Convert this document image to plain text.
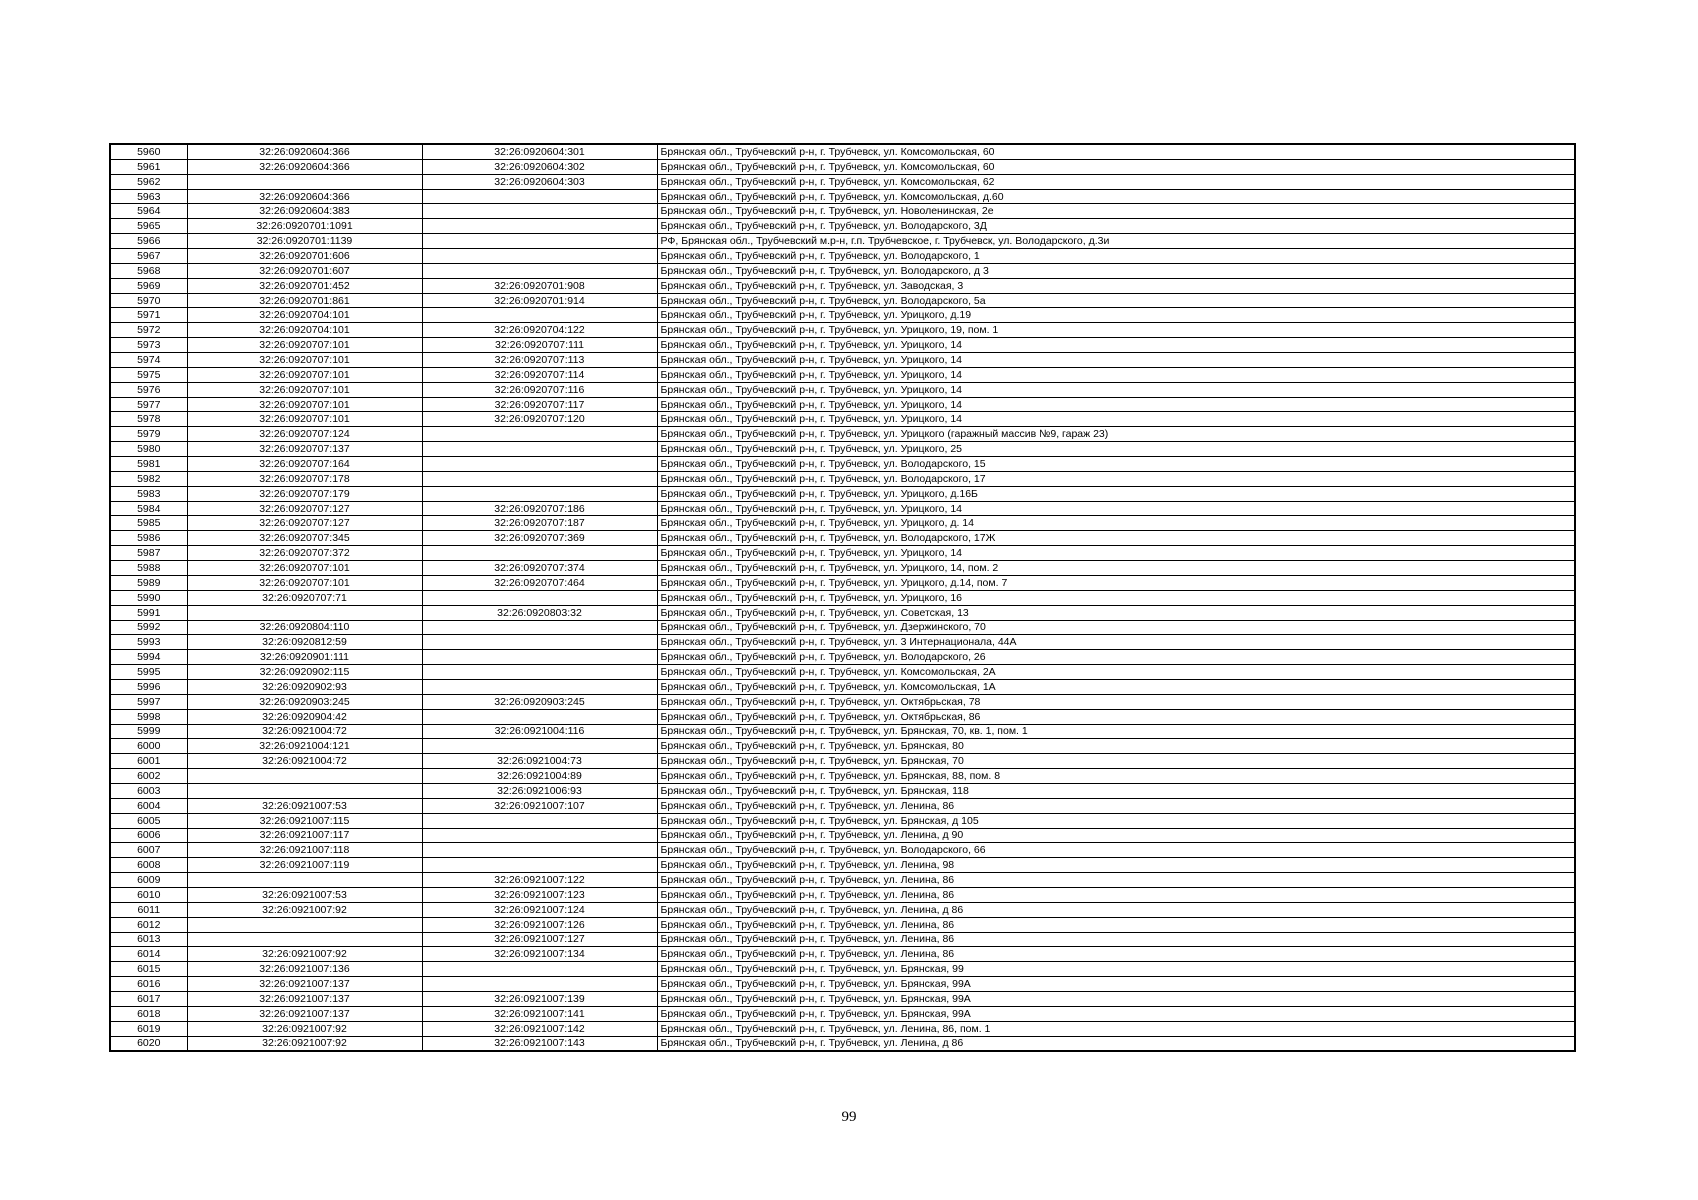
5960	32:26:0920604:366	32:26:0920604:301	Брянская обл., Трубчевский р-н, г. Трубчевск, ул. Комсомольская, 60
5961	32:26:0920604:366	32:26:0920604:302	Брянская обл., Трубчевский р-н, г. Трубчевск, ул. Комсомольская, 60
5962		32:26:0920604:303	Брянская обл., Трубчевский р-н, г. Трубчевск, ул. Комсомольская, 62
5963	32:26:0920604:366		Брянская обл., Трубчевский р-н, г. Трубчевск, ул. Комсомольская, д.60
5964	32:26:0920604:383		Брянская обл., Трубчевский р-н, г. Трубчевск, ул. Новоленинская, 2е
5965	32:26:0920701:1091		Брянская обл., Трубчевский р-н, г. Трубчевск, ул. Володарского, 3Д
5966	32:26:0920701:1139		РФ, Брянская обл., Трубчевский м.р-н, г.п. Трубчевское, г. Трубчевск, ул. Володарского, д.3и
5967	32:26:0920701:606		Брянская обл., Трубчевский р-н, г. Трубчевск, ул. Володарского, 1
5968	32:26:0920701:607		Брянская обл., Трубчевский р-н, г. Трубчевск, ул. Володарского, д 3
5969	32:26:0920701:452	32:26:0920701:908	Брянская обл., Трубчевский р-н, г. Трубчевск, ул. Заводская, 3
5970	32:26:0920701:861	32:26:0920701:914	Брянская обл., Трубчевский р-н, г. Трубчевск, ул. Володарского, 5а
5971	32:26:0920704:101		Брянская обл., Трубчевский р-н, г. Трубчевск, ул. Урицкого, д.19
5972	32:26:0920704:101	32:26:0920704:122	Брянская обл., Трубчевский р-н, г. Трубчевск, ул. Урицкого, 19, пом. 1
5973	32:26:0920707:101	32:26:0920707:111	Брянская обл., Трубчевский р-н, г. Трубчевск, ул. Урицкого, 14
5974	32:26:0920707:101	32:26:0920707:113	Брянская обл., Трубчевский р-н, г. Трубчевск, ул. Урицкого, 14
5975	32:26:0920707:101	32:26:0920707:114	Брянская обл., Трубчевский р-н, г. Трубчевск, ул. Урицкого, 14
5976	32:26:0920707:101	32:26:0920707:116	Брянская обл., Трубчевский р-н, г. Трубчевск, ул. Урицкого, 14
5977	32:26:0920707:101	32:26:0920707:117	Брянская обл., Трубчевский р-н, г. Трубчевск, ул. Урицкого, 14
5978	32:26:0920707:101	32:26:0920707:120	Брянская обл., Трубчевский р-н, г. Трубчевск, ул. Урицкого, 14
5979	32:26:0920707:124		Брянская обл., Трубчевский р-н, г. Трубчевск, ул. Урицкого (гаражный массив №9, гараж 23)
5980	32:26:0920707:137		Брянская обл., Трубчевский р-н, г. Трубчевск, ул. Урицкого, 25
5981	32:26:0920707:164		Брянская обл., Трубчевский р-н, г. Трубчевск, ул. Володарского, 15
5982	32:26:0920707:178		Брянская обл., Трубчевский р-н, г. Трубчевск, ул. Володарского, 17
5983	32:26:0920707:179		Брянская обл., Трубчевский р-н, г. Трубчевск, ул. Урицкого, д.16Б
5984	32:26:0920707:127	32:26:0920707:186	Брянская обл., Трубчевский р-н, г. Трубчевск, ул. Урицкого, 14
5985	32:26:0920707:127	32:26:0920707:187	Брянская обл., Трубчевский р-н, г. Трубчевск, ул. Урицкого, д. 14
5986	32:26:0920707:345	32:26:0920707:369	Брянская обл., Трубчевский р-н, г. Трубчевск, ул. Володарского, 17Ж
5987	32:26:0920707:372		Брянская обл., Трубчевский р-н, г. Трубчевск, ул. Урицкого, 14
5988	32:26:0920707:101	32:26:0920707:374	Брянская обл., Трубчевский р-н, г. Трубчевск, ул. Урицкого, 14, пом. 2
5989	32:26:0920707:101	32:26:0920707:464	Брянская обл., Трубчевский р-н, г. Трубчевск, ул. Урицкого, д.14, пом. 7
5990	32:26:0920707:71		Брянская обл., Трубчевский р-н, г. Трубчевск, ул. Урицкого, 16
5991		32:26:0920803:32	Брянская обл., Трубчевский р-н, г. Трубчевск, ул. Советская, 13
5992	32:26:0920804:110		Брянская обл., Трубчевский р-н, г. Трубчевск, ул. Дзержинского, 70
5993	32:26:0920812:59		Брянская обл., Трубчевский р-н, г. Трубчевск, ул. 3 Интернационала, 44А
5994	32:26:0920901:111		Брянская обл., Трубчевский р-н, г. Трубчевск, ул. Володарского, 26
5995	32:26:0920902:115		Брянская обл., Трубчевский р-н, г. Трубчевск, ул. Комсомольская, 2А
5996	32:26:0920902:93		Брянская обл., Трубчевский р-н, г. Трубчевск, ул. Комсомольская, 1А
5997	32:26:0920903:245	32:26:0920903:245	Брянская обл., Трубчевский р-н, г. Трубчевск, ул. Октябрьская, 78
5998	32:26:0920904:42		Брянская обл., Трубчевский р-н, г. Трубчевск, ул. Октябрьская, 86
5999	32:26:0921004:72	32:26:0921004:116	Брянская обл., Трубчевский р-н, г. Трубчевск, ул. Брянская, 70, кв. 1, пом. 1
6000	32:26:0921004:121		Брянская обл., Трубчевский р-н, г. Трубчевск, ул. Брянская, 80
6001	32:26:0921004:72	32:26:0921004:73	Брянская обл., Трубчевский р-н, г. Трубчевск, ул. Брянская, 70
6002		32:26:0921004:89	Брянская обл., Трубчевский р-н, г. Трубчевск, ул. Брянская, 88, пом. 8
6003		32:26:0921006:93	Брянская обл., Трубчевский р-н, г. Трубчевск, ул. Брянская, 118
6004	32:26:0921007:53	32:26:0921007:107	Брянская обл., Трубчевский р-н, г. Трубчевск, ул. Ленина, 86
6005	32:26:0921007:115		Брянская обл., Трубчевский р-н, г. Трубчевск, ул. Брянская, д 105
6006	32:26:0921007:117		Брянская обл., Трубчевский р-н, г. Трубчевск, ул. Ленина, д 90
6007	32:26:0921007:118		Брянская обл., Трубчевский р-н, г. Трубчевск, ул. Володарского, 66
6008	32:26:0921007:119		Брянская обл., Трубчевский р-н, г. Трубчевск, ул. Ленина, 98
6009		32:26:0921007:122	Брянская обл., Трубчевский р-н, г. Трубчевск, ул. Ленина, 86
6010	32:26:0921007:53	32:26:0921007:123	Брянская обл., Трубчевский р-н, г. Трубчевск, ул. Ленина, 86
6011	32:26:0921007:92	32:26:0921007:124	Брянская обл., Трубчевский р-н, г. Трубчевск, ул. Ленина, д 86
6012		32:26:0921007:126	Брянская обл., Трубчевский р-н, г. Трубчевск, ул. Ленина, 86
6013		32:26:0921007:127	Брянская обл., Трубчевский р-н, г. Трубчевск, ул. Ленина, 86
6014	32:26:0921007:92	32:26:0921007:134	Брянская обл., Трубчевский р-н, г. Трубчевск, ул. Ленина, 86
6015	32:26:0921007:136		Брянская обл., Трубчевский р-н, г. Трубчевск, ул. Брянская, 99
6016	32:26:0921007:137		Брянская обл., Трубчевский р-н, г. Трубчевск, ул. Брянская, 99А
6017	32:26:0921007:137	32:26:0921007:139	Брянская обл., Трубчевский р-н, г. Трубчевск, ул. Брянская, 99А
6018	32:26:0921007:137	32:26:0921007:141	Брянская обл., Трубчевский р-н, г. Трубчевск, ул. Брянская, 99А
6019	32:26:0921007:92	32:26:0921007:142	Брянская обл., Трубчевский р-н, г. Трубчевск, ул. Ленина, 86, пом. 1
6020	32:26:0921007:92	32:26:0921007:143	Брянская обл., Трубчевский р-н, г. Трубчевск, ул. Ленина, д 86
99
